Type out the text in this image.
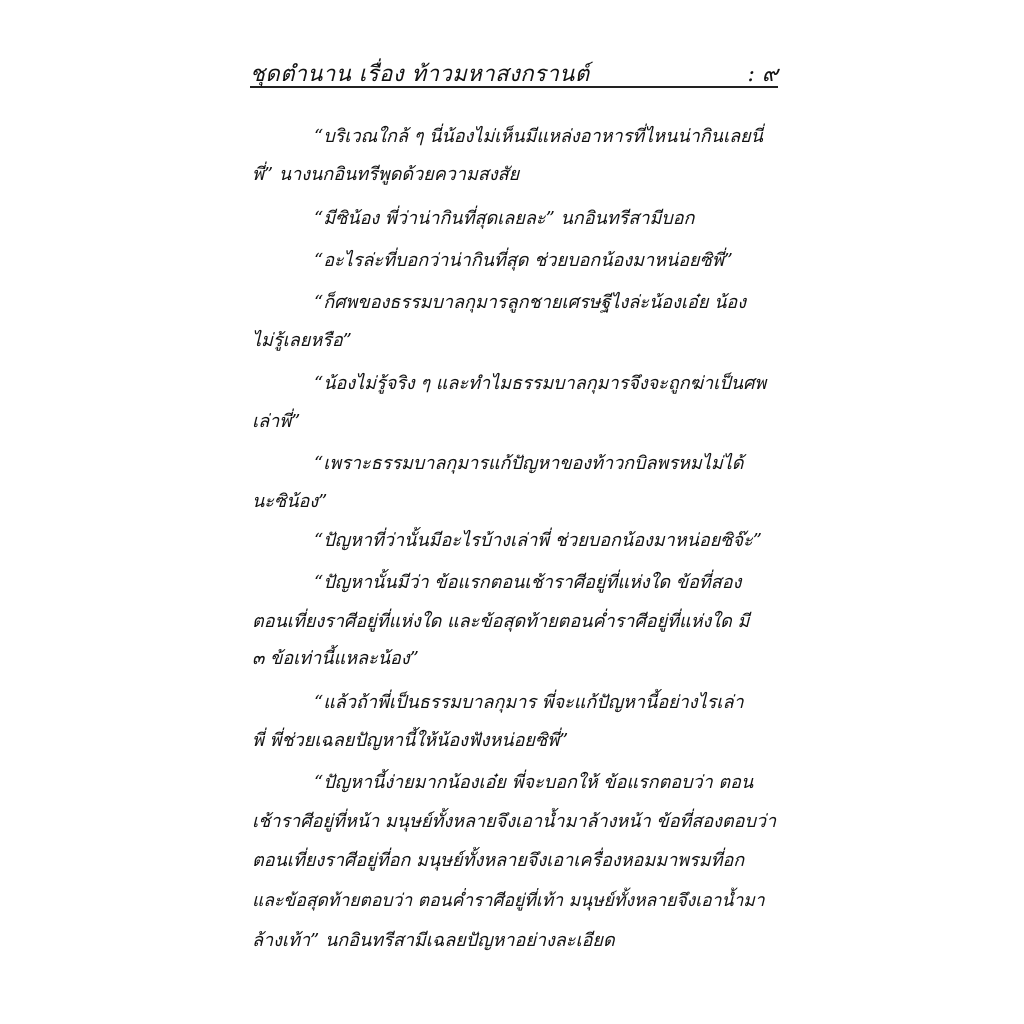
ชุดตำนาน เรื่อง ท้าวมหาสงกรานต์	: ๙
“บริเวณใกล้ ๆ นี่น้องไม่เห็นมีแหล่งอาหารที่ไหนน่ากินเลยนี่
พี่” นางนกอินทรีพูดด้วยความสงสัย
“มีซิน้อง พี่ว่าน่ากินที่สุดเลยละ” นกอินทรีสามีบอก
“อะไรล่ะที่บอกว่าน่ากินที่สุด ช่วยบอกน้องมาหน่อยซิพี่”
“ก็ศพของธรรมบาลกุมารลูกชายเศรษฐีไงล่ะน้องเอ๋ย น้อง
ไม่รู้เลยหรือ”
“น้องไม่รู้จริง ๆ และทำไมธรรมบาลกุมารจึงจะถูกฆ่าเป็นศพ
เล่าพี่”
“เพราะธรรมบาลกุมารแก้ปัญหาของท้าวกบิลพรหมไม่ได้
นะซิน้อง”
“ปัญหาที่ว่านั้นมีอะไรบ้างเล่าพี่ ช่วยบอกน้องมาหน่อยซิจ๊ะ”
“ปัญหานั้นมีว่า ข้อแรกตอนเช้าราศีอยู่ที่แห่งใด ข้อที่สอง
ตอนเที่ยงราศีอยู่ที่แห่งใด และข้อสุดท้ายตอนค่ำราศีอยู่ที่แห่งใด มี
๓ ข้อเท่านี้แหละน้อง”
“แล้วถ้าพี่เป็นธรรมบาลกุมาร พี่จะแก้ปัญหานี้อย่างไรเล่า
พี่ พี่ช่วยเฉลยปัญหานี้ให้น้องฟังหน่อยซิพี่”
“ปัญหานี้ง่ายมากน้องเอ๋ย พี่จะบอกให้ ข้อแรกตอบว่า ตอน
เช้าราศีอยู่ที่หน้า มนุษย์ทั้งหลายจึงเอาน้ำมาล้างหน้า ข้อที่สองตอบว่า
ตอนเที่ยงราศีอยู่ที่อก มนุษย์ทั้งหลายจึงเอาเครื่องหอมมาพรมที่อก
และข้อสุดท้ายตอบว่า ตอนค่ำราศีอยู่ที่เท้า มนุษย์ทั้งหลายจึงเอาน้ำมา
ล้างเท้า” นกอินทรีสามีเฉลยปัญหาอย่างละเอียด
